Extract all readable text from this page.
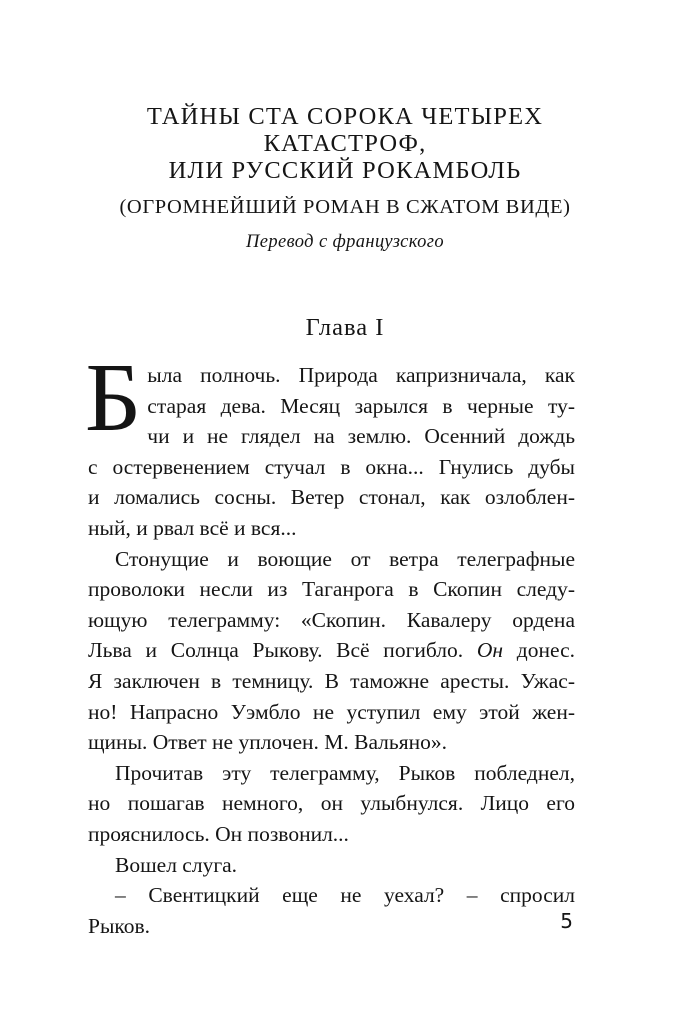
ТАЙНЫ СТА СОРОКА ЧЕТЫРЕХ
КАТАСТРОФ,
ИЛИ РУССКИЙ РОКАМБОЛЬ
(ОГРОМНЕЙШИЙ РОМАН В СЖАТОМ ВИДЕ)
Перевод с французского
Глава I
Б ыла полночь. Природа капризничала, как

старая дева. Месяц зарылся в черные ту-

чи и не глядел на землю. Осенний дождь

с остервенением стучал в окна... Гнулись дубы

и ломались сосны. Ветер стонал, как озлоблен-

ный, и рвал всё и вся...

Стонущие и воющие от ветра телеграфные

проволоки несли из Таганрога в Скопин следу-

ющую телеграмму: «Скопин. Кавалеру ордена

Льва и Солнца Рыкову. Всё погибло. Он донес.

Я заключен в темницу. В таможне аресты. Ужас-

но! Напрасно Уэмбло не уступил ему этой жен-

щины. Ответ не уплочен. М. Вальяно».

Прочитав эту телеграмму, Рыков побледнел,

но пошагав немного, он улыбнулся. Лицо его

прояснилось. Он позвонил...

Вошел слуга.

– Свентицкий еще не уехал? – спросил

Рыков.	5
